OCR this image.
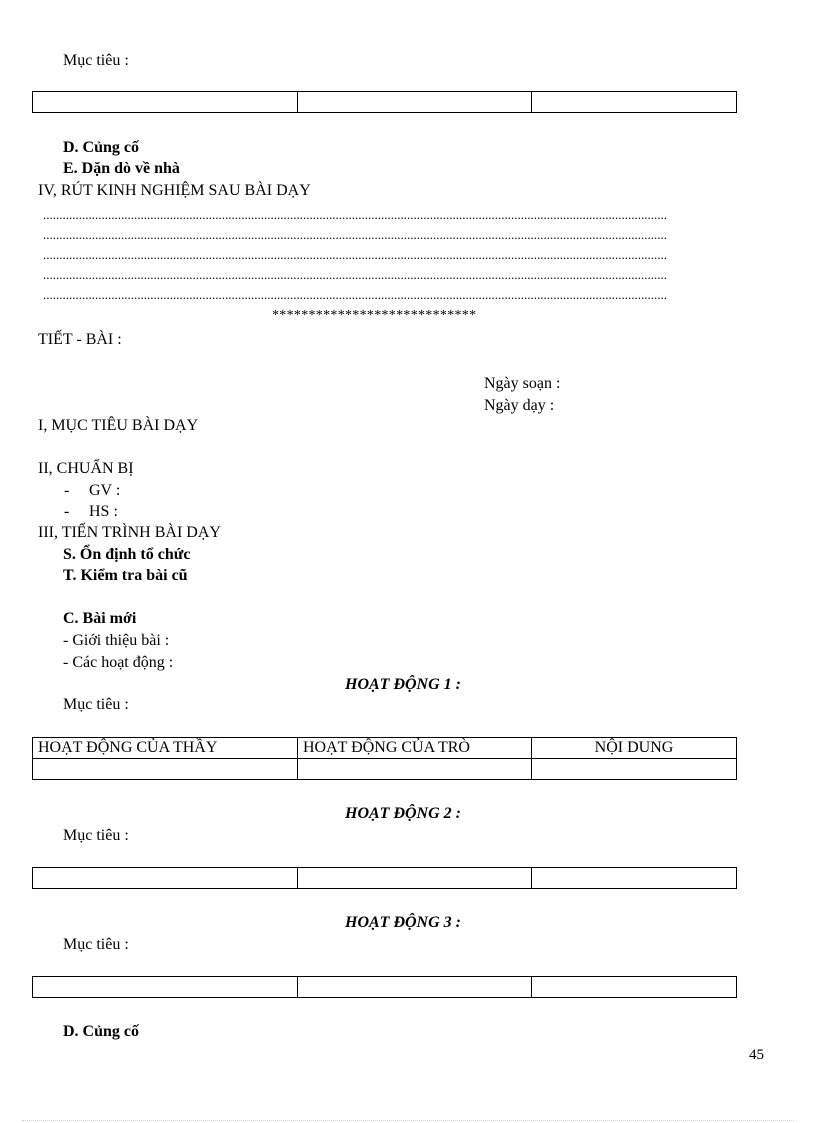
Mục tiêu :

D. Củng cố
E. Dặn dò về nhà
IV, RÚT KINH NGHIỆM SAU BÀI DẠY
................................................................................................................................................................................................
................................................................................................................................................................................................
................................................................................................................................................................................................
................................................................................................................................................................................................
................................................................................................................................................................................................
****************************
TIẾT - BÀI :
Ngày soạn :
Ngày dạy :
I, MỤC TIÊU BÀI DẠY
II, CHUẨN BỊ
- GV :
- HS :
III, TIẾN TRÌNH BÀI DẠY
S. Ổn định tổ chức
T. Kiểm tra bài cũ
C. Bài mới
- Giới thiệu bài :
- Các hoạt động :
HOẠT ĐỘNG 1 :
Mục tiêu :
HOẠT ĐỘNG CỦA THẦY	HOẠT ĐỘNG CỦA TRÒ	NỘI DUNG

HOẠT ĐỘNG 2 :
Mục tiêu :

HOẠT ĐỘNG 3 :
Mục tiêu :

D. Củng cố
45
